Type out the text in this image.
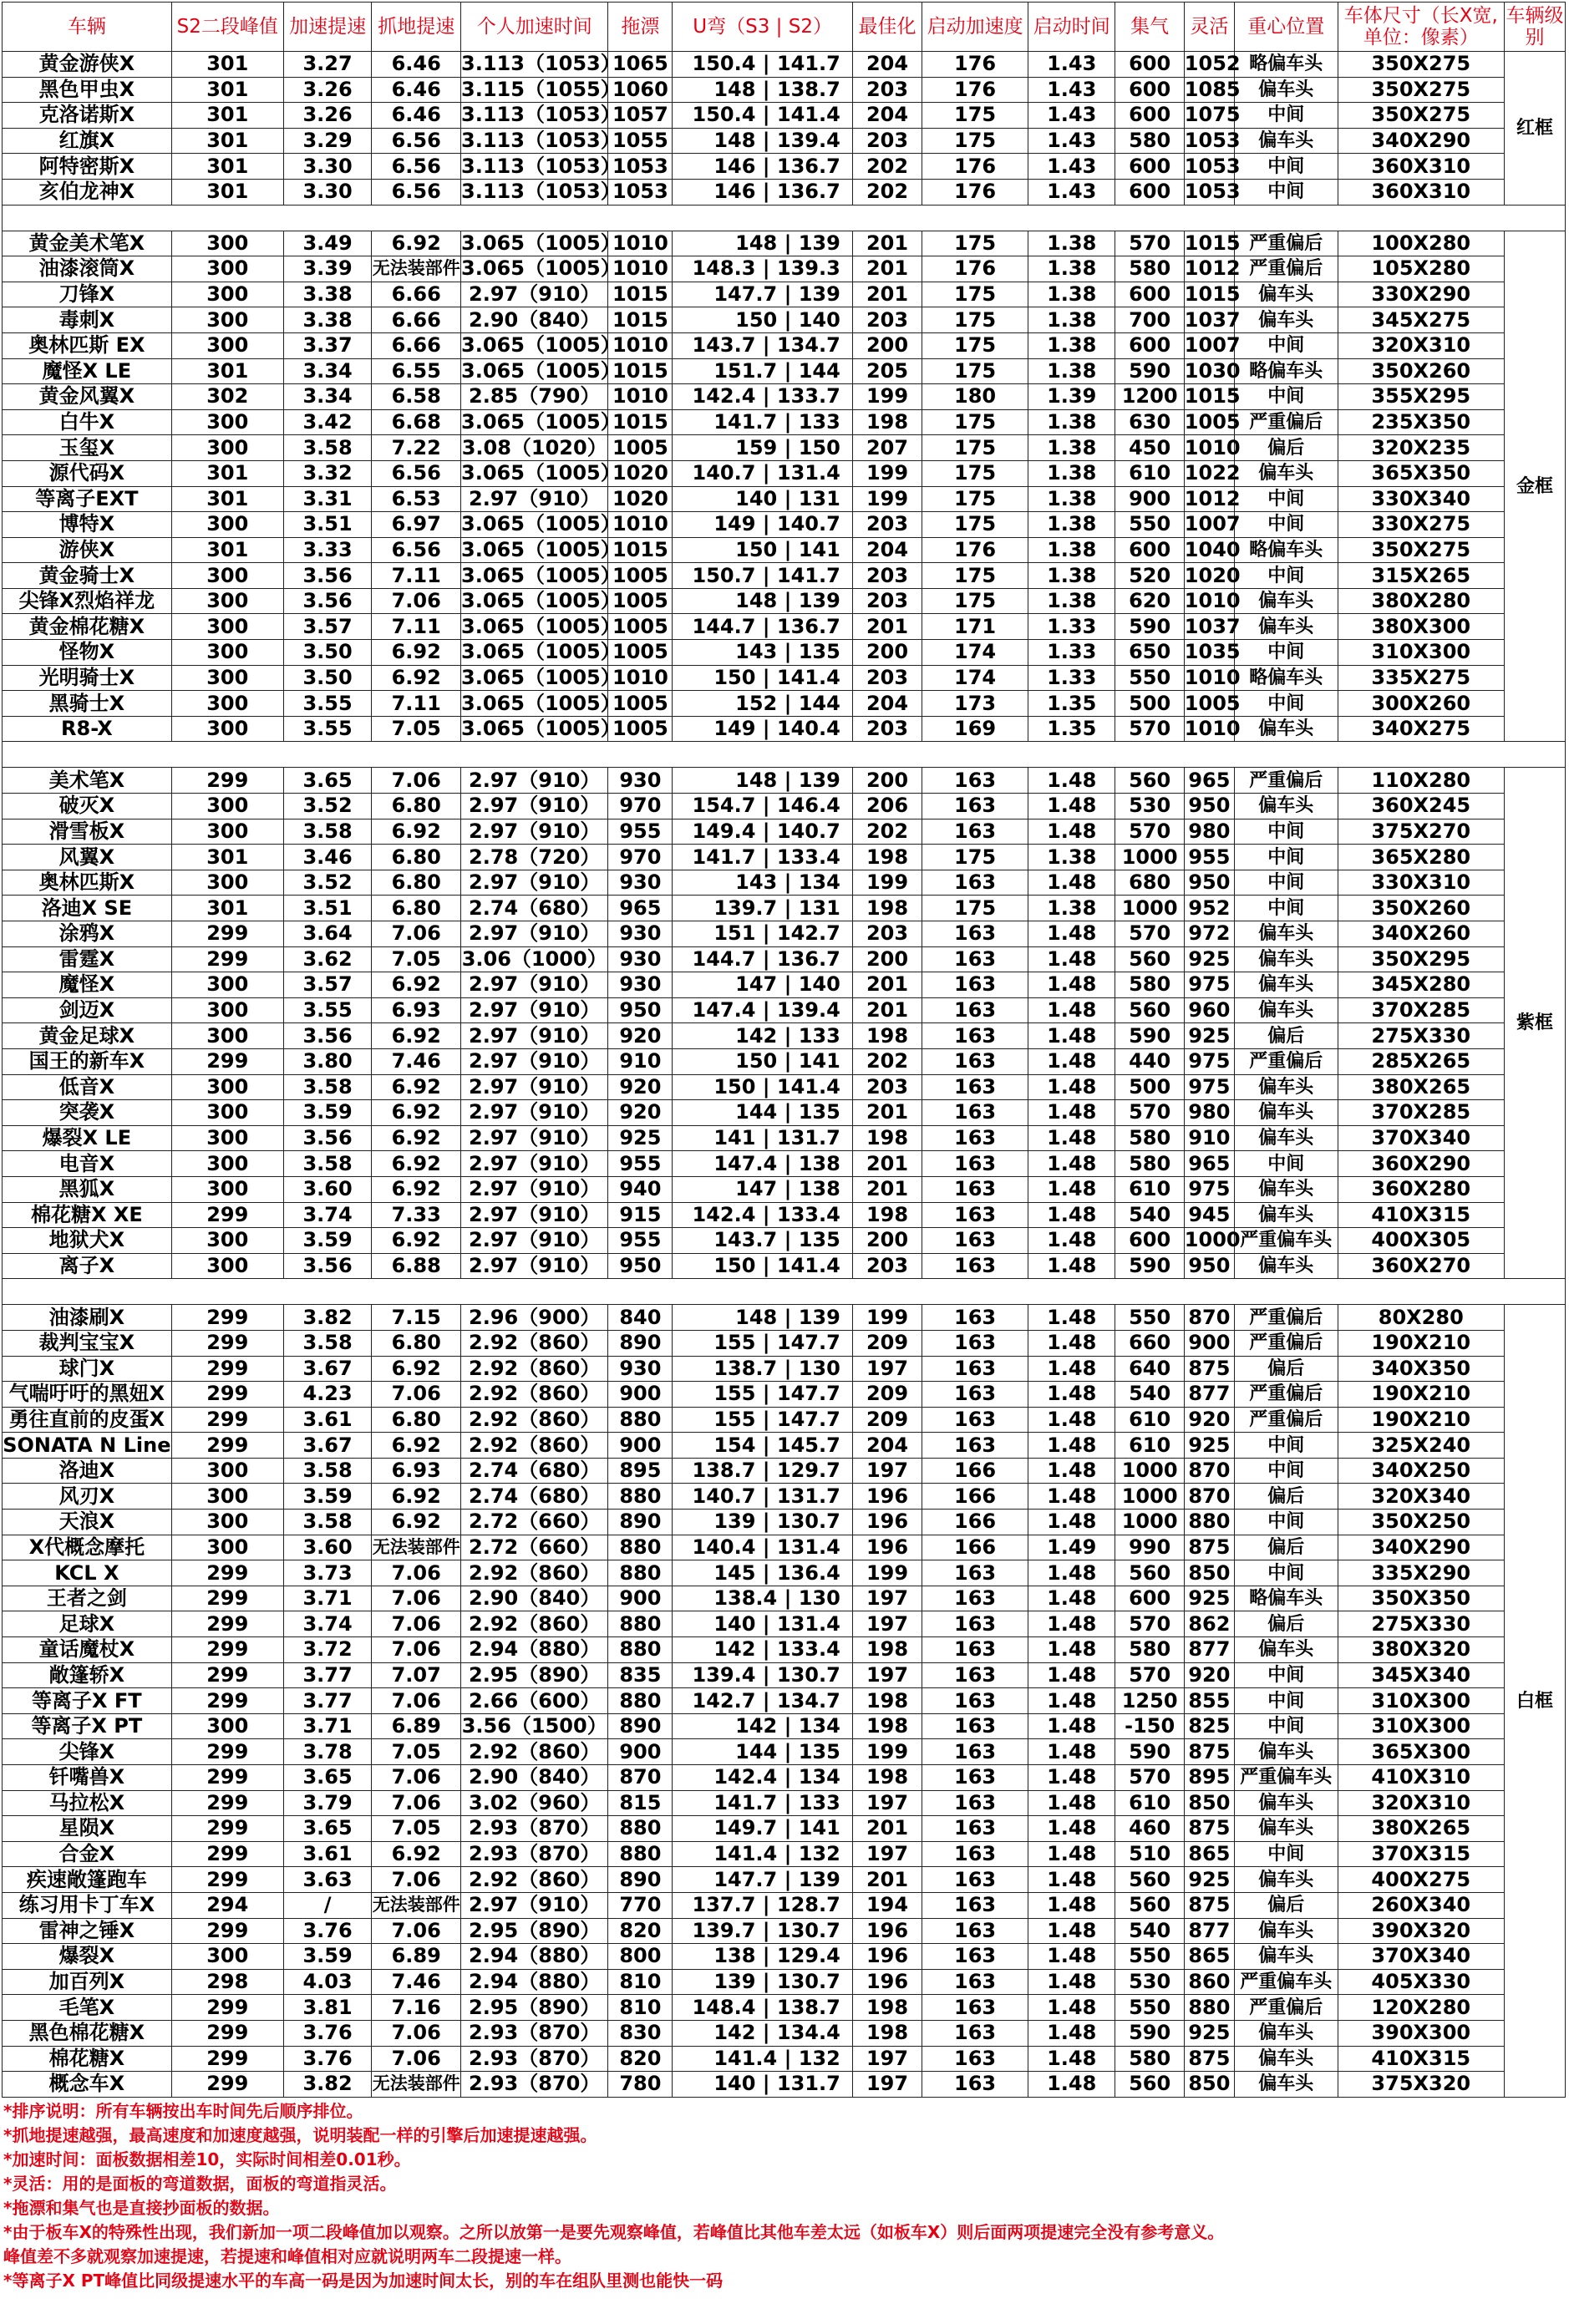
车辆	S2二段峰值	加速提速	抓地提速	个人加速时间	拖漂	U弯（S3 | S2）	最佳化	启动加速度	启动时间	集气	灵活	重心位置	车体尺寸（长X宽,单位：像素）	车辆级别
黄金游侠X	301	3.27	6.46	3.113（1053）	1065	150.4 | 141.7	204	176	1.43	600	1052	略偏车头	350X275	红框
黑色甲虫X	301	3.26	6.46	3.115（1055）	1060	148 | 138.7	203	176	1.43	600	1085	偏车头	350X275	
克洛诺斯X	301	3.26	6.46	3.113（1053）	1057	150.4 | 141.4	204	175	1.43	600	1075	中间	350X275	
红旗X	301	3.29	6.56	3.113（1053）	1055	148 | 139.4	203	175	1.43	580	1053	偏车头	340X290	
阿特密斯X	301	3.30	6.56	3.113（1053）	1053	146 | 136.7	202	176	1.43	600	1053	中间	360X310	
亥伯龙神X	301	3.30	6.56	3.113（1053）	1053	146 | 136.7	202	176	1.43	600	1053	中间	360X310	

黄金美术笔X	300	3.49	6.92	3.065（1005）	1010	148 | 139	201	175	1.38	570	1015	严重偏后	100X280	金框
油漆滚筒X	300	3.39	无法装部件	3.065（1005）	1010	148.3 | 139.3	201	176	1.38	580	1012	严重偏后	105X280	
刀锋X	300	3.38	6.66	2.97（910）	1015	147.7 | 139	201	175	1.38	600	1015	偏车头	330X290	
毒刺X	300	3.38	6.66	2.90（840）	1015	150 | 140	203	175	1.38	700	1037	偏车头	345X275	
奥林匹斯 EX	300	3.37	6.66	3.065（1005）	1010	143.7 | 134.7	200	175	1.38	600	1007	中间	320X310	
魔怪X LE	301	3.34	6.55	3.065（1005）	1015	151.7 | 144	205	175	1.38	590	1030	略偏车头	350X260	
黄金风翼X	302	3.34	6.58	2.85（790）	1010	142.4 | 133.7	199	180	1.39	1200	1015	中间	355X295	
白牛X	300	3.42	6.68	3.065（1005）	1015	141.7 | 133	198	175	1.38	630	1005	严重偏后	235X350	
玉玺X	300	3.58	7.22	3.08（1020）	1005	159 | 150	207	175	1.38	450	1010	偏后	320X235	
源代码X	301	3.32	6.56	3.065（1005）	1020	140.7 | 131.4	199	175	1.38	610	1022	偏车头	365X350	
等离子EXT	301	3.31	6.53	2.97（910）	1020	140 | 131	199	175	1.38	900	1012	中间	330X340	
博特X	300	3.51	6.97	3.065（1005）	1010	149 | 140.7	203	175	1.38	550	1007	中间	330X275	
游侠X	301	3.33	6.56	3.065（1005）	1015	150 | 141	204	176	1.38	600	1040	略偏车头	350X275	
黄金骑士X	300	3.56	7.11	3.065（1005）	1005	150.7 | 141.7	203	175	1.38	520	1020	中间	315X265	
尖锋X烈焰祥龙	300	3.56	7.06	3.065（1005）	1005	148 | 139	203	175	1.38	620	1010	偏车头	380X280	
黄金棉花糖X	300	3.57	7.11	3.065（1005）	1005	144.7 | 136.7	201	171	1.33	590	1037	偏车头	380X300	
怪物X	300	3.50	6.92	3.065（1005）	1005	143 | 135	200	174	1.33	650	1035	中间	310X300	
光明骑士X	300	3.50	6.92	3.065（1005）	1010	150 | 141.4	203	174	1.33	550	1010	略偏车头	335X275	
黑骑士X	300	3.55	7.11	3.065（1005）	1005	152 | 144	204	173	1.35	500	1005	中间	300X260	
R8-X	300	3.55	7.05	3.065（1005）	1005	149 | 140.4	203	169	1.35	570	1010	偏车头	340X275	

美术笔X	299	3.65	7.06	2.97（910）	930	148 | 139	200	163	1.48	560	965	严重偏后	110X280	紫框
破灭X	300	3.52	6.80	2.97（910）	970	154.7 | 146.4	206	163	1.48	530	950	偏车头	360X245	
滑雪板X	300	3.58	6.92	2.97（910）	955	149.4 | 140.7	202	163	1.48	570	980	中间	375X270	
风翼X	301	3.46	6.80	2.78（720）	970	141.7 | 133.4	198	175	1.38	1000	955	中间	365X280	
奥林匹斯X	300	3.52	6.80	2.97（910）	930	143 | 134	199	163	1.48	680	950	中间	330X310	
洛迪X SE	301	3.51	6.80	2.74（680）	965	139.7 | 131	198	175	1.38	1000	952	中间	350X260	
涂鸦X	299	3.64	7.06	2.97（910）	930	151 | 142.7	203	163	1.48	570	972	偏车头	340X260	
雷霆X	299	3.62	7.05	3.06（1000）	930	144.7 | 136.7	200	163	1.48	560	925	偏车头	350X295	
魔怪X	300	3.57	6.92	2.97（910）	930	147 | 140	201	163	1.48	580	975	偏车头	345X280	
剑迈X	300	3.55	6.93	2.97（910）	950	147.4 | 139.4	201	163	1.48	560	960	偏车头	370X285	
黄金足球X	300	3.56	6.92	2.97（910）	920	142 | 133	198	163	1.48	590	925	偏后	275X330	
国王的新车X	299	3.80	7.46	2.97（910）	910	150 | 141	202	163	1.48	440	975	严重偏后	285X265	
低音X	300	3.58	6.92	2.97（910）	920	150 | 141.4	203	163	1.48	500	975	偏车头	380X265	
突袭X	300	3.59	6.92	2.97（910）	920	144 | 135	201	163	1.48	570	980	偏车头	370X285	
爆裂X LE	300	3.56	6.92	2.97（910）	925	141 | 131.7	198	163	1.48	580	910	偏车头	370X340	
电音X	300	3.58	6.92	2.97（910）	955	147.4 | 138	201	163	1.48	580	965	中间	360X290	
黑狐X	300	3.60	6.92	2.97（910）	940	147 | 138	201	163	1.48	610	975	偏车头	360X280	
棉花糖X XE	299	3.74	7.33	2.97（910）	915	142.4 | 133.4	198	163	1.48	540	945	偏车头	410X315	
地狱犬X	300	3.59	6.92	2.97（910）	955	143.7 | 135	200	163	1.48	600	1000	严重偏车头	400X305	
离子X	300	3.56	6.88	2.97（910）	950	150 | 141.4	203	163	1.48	590	950	偏车头	360X270	

油漆刷X	299	3.82	7.15	2.96（900）	840	148 | 139	199	163	1.48	550	870	严重偏后	80X280	白框
裁判宝宝X	299	3.58	6.80	2.92（860）	890	155 | 147.7	209	163	1.48	660	900	严重偏后	190X210	
球门X	299	3.67	6.92	2.92（860）	930	138.7 | 130	197	163	1.48	640	875	偏后	340X350	
气喘吁吁的黑妞X	299	4.23	7.06	2.92（860）	900	155 | 147.7	209	163	1.48	540	877	严重偏后	190X210	
勇往直前的皮蛋X	299	3.61	6.80	2.92（860）	880	155 | 147.7	209	163	1.48	610	920	严重偏后	190X210	
SONATA N Line	299	3.67	6.92	2.92（860）	900	154 | 145.7	204	163	1.48	610	925	中间	325X240	
洛迪X	300	3.58	6.93	2.74（680）	895	138.7 | 129.7	197	166	1.48	1000	870	中间	340X250	
风刃X	300	3.59	6.92	2.74（680）	880	140.7 | 131.7	196	166	1.48	1000	870	偏后	320X340	
天浪X	300	3.58	6.92	2.72（660）	890	139 | 130.7	196	166	1.48	1000	880	中间	350X250	
X代概念摩托	300	3.60	无法装部件	2.72（660）	880	140.4 | 131.4	196	166	1.49	990	875	偏后	340X290	
KCL X	299	3.73	7.06	2.92（860）	880	145 | 136.4	199	163	1.48	560	850	中间	335X290	
王者之剑	299	3.71	7.06	2.90（840）	900	138.4 | 130	197	163	1.48	600	925	略偏车头	350X350	
足球X	299	3.74	7.06	2.92（860）	880	140 | 131.4	197	163	1.48	570	862	偏后	275X330	
童话魔杖X	299	3.72	7.06	2.94（880）	880	142 | 133.4	198	163	1.48	580	877	偏车头	380X320	
敞篷轿X	299	3.77	7.07	2.95（890）	835	139.4 | 130.7	197	163	1.48	570	920	中间	345X340	
等离子X FT	299	3.77	7.06	2.66（600）	880	142.7 | 134.7	198	163	1.48	1250	855	中间	310X300	
等离子X PT	300	3.71	6.89	3.56（1500）	890	142 | 134	198	163	1.48	-150	825	中间	310X300	
尖锋X	299	3.78	7.05	2.92（860）	900	144 | 135	199	163	1.48	590	875	偏车头	365X300	
钎嘴兽X	299	3.65	7.06	2.90（840）	870	142.4 | 134	198	163	1.48	570	895	严重偏车头	410X310	
马拉松X	299	3.79	7.06	3.02（960）	815	141.7 | 133	197	163	1.48	610	850	偏车头	320X310	
星陨X	299	3.65	7.05	2.93（870）	880	149.7 | 141	201	163	1.48	460	875	偏车头	380X265	
合金X	299	3.61	6.92	2.93（870）	880	141.4 | 132	197	163	1.48	510	865	中间	370X315	
疾速敞篷跑车	299	3.63	7.06	2.92（860）	890	147.7 | 139	201	163	1.48	560	925	偏车头	400X275	
练习用卡丁车X	294	/	无法装部件	2.97（910）	770	137.7 | 128.7	194	163	1.48	560	875	偏后	260X340	
雷神之锤X	299	3.76	7.06	2.95（890）	820	139.7 | 130.7	196	163	1.48	540	877	偏车头	390X320	
爆裂X	300	3.59	6.89	2.94（880）	800	138 | 129.4	196	163	1.48	550	865	偏车头	370X340	
加百列X	298	4.03	7.46	2.94（880）	810	139 | 130.7	196	163	1.48	530	860	严重偏车头	405X330	
毛笔X	299	3.81	7.16	2.95（890）	810	148.4 | 138.7	198	163	1.48	550	880	严重偏后	120X280	
黑色棉花糖X	299	3.76	7.06	2.93（870）	830	142 | 134.4	198	163	1.48	590	925	偏车头	390X300	
棉花糖X	299	3.76	7.06	2.93（870）	820	141.4 | 132	197	163	1.48	580	875	偏车头	410X315	
概念车X	299	3.82	无法装部件	2.93（870）	780	140 | 131.7	197	163	1.48	560	850	偏车头	375X320	
*排序说明：所有车辆按出车时间先后顺序排位。
*抓地提速越强，最高速度和加速度越强，说明装配一样的引擎后加速提速越强。
*加速时间：面板数据相差10，实际时间相差0.01秒。
*灵活：用的是面板的弯道数据，面板的弯道指灵活。
*拖漂和集气也是直接抄面板的数据。
*由于板车X的特殊性出现，我们新加一项二段峰值加以观察。之所以放第一是要先观察峰值，若峰值比其他车差太远（如板车X）则后面两项提速完全没有参考意义。
峰值差不多就观察加速提速，若提速和峰值相对应就说明两车二段提速一样。
*等离子X PT峰值比同级提速水平的车高一码是因为加速时间太长，别的车在组队里测也能快一码
